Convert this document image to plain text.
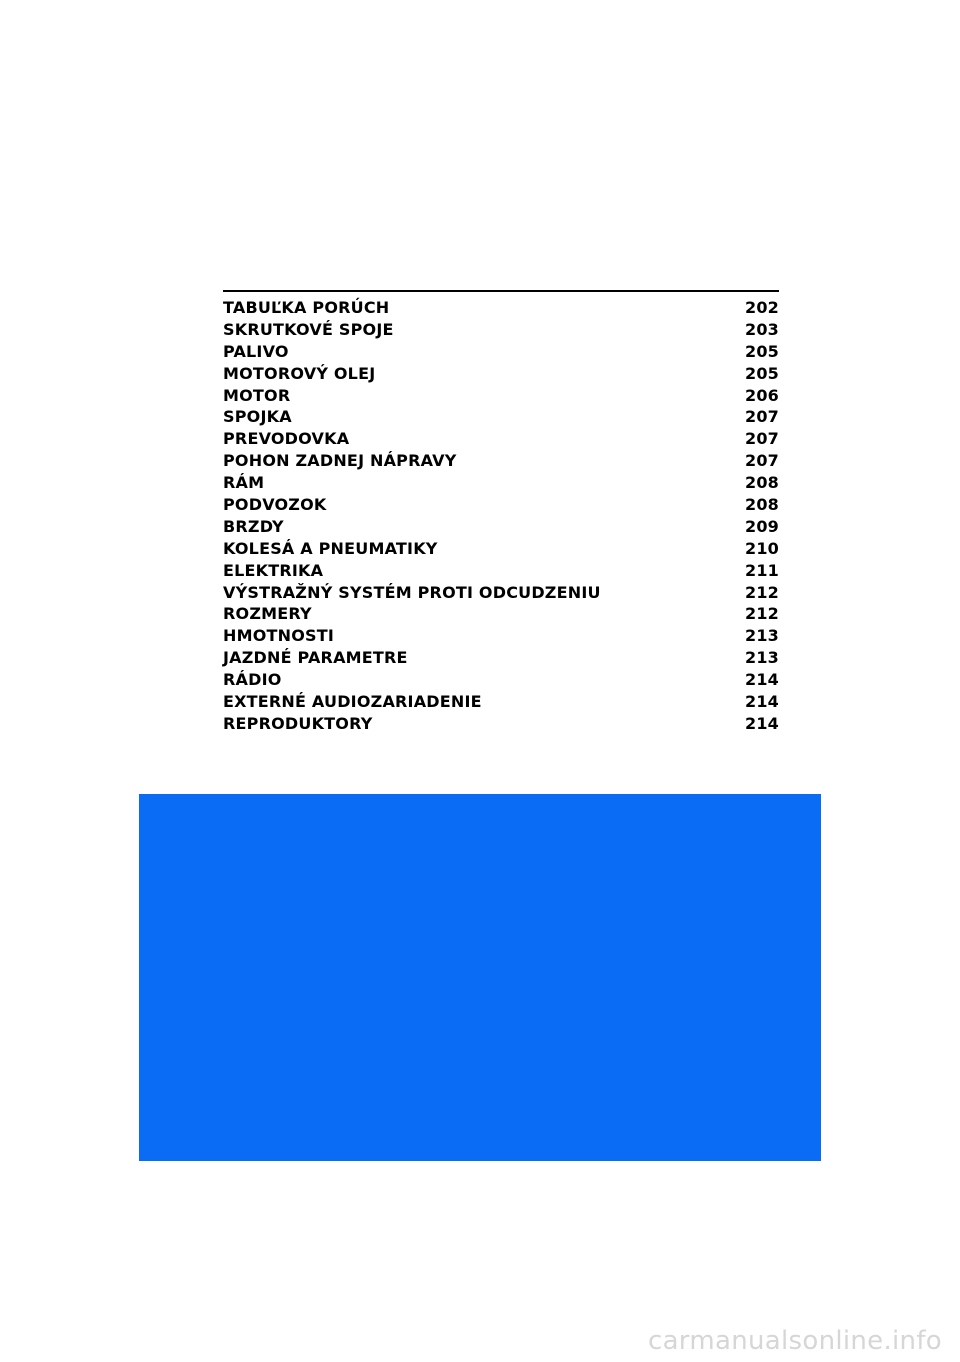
TABUĽKA PORÚCH	202
SKRUTKOVÉ SPOJE	203
PALIVO	205
MOTOROVÝ OLEJ	205
MOTOR	206
SPOJKA	207
PREVODOVKA	207
POHON ZADNEJ NÁPRAVY	207
RÁM	208
PODVOZOK	208
BRZDY	209
KOLESÁ A PNEUMATIKY	210
ELEKTRIKA	211
VÝSTRAŽNÝ SYSTÉM PROTI ODCUDZENIU	212
ROZMERY	212
HMOTNOSTI	213
JAZDNÉ PARAMETRE	213
RÁDIO	214
EXTERNÉ AUDIOZARIADENIE	214
REPRODUKTORY	214
carmanualsonline.info
